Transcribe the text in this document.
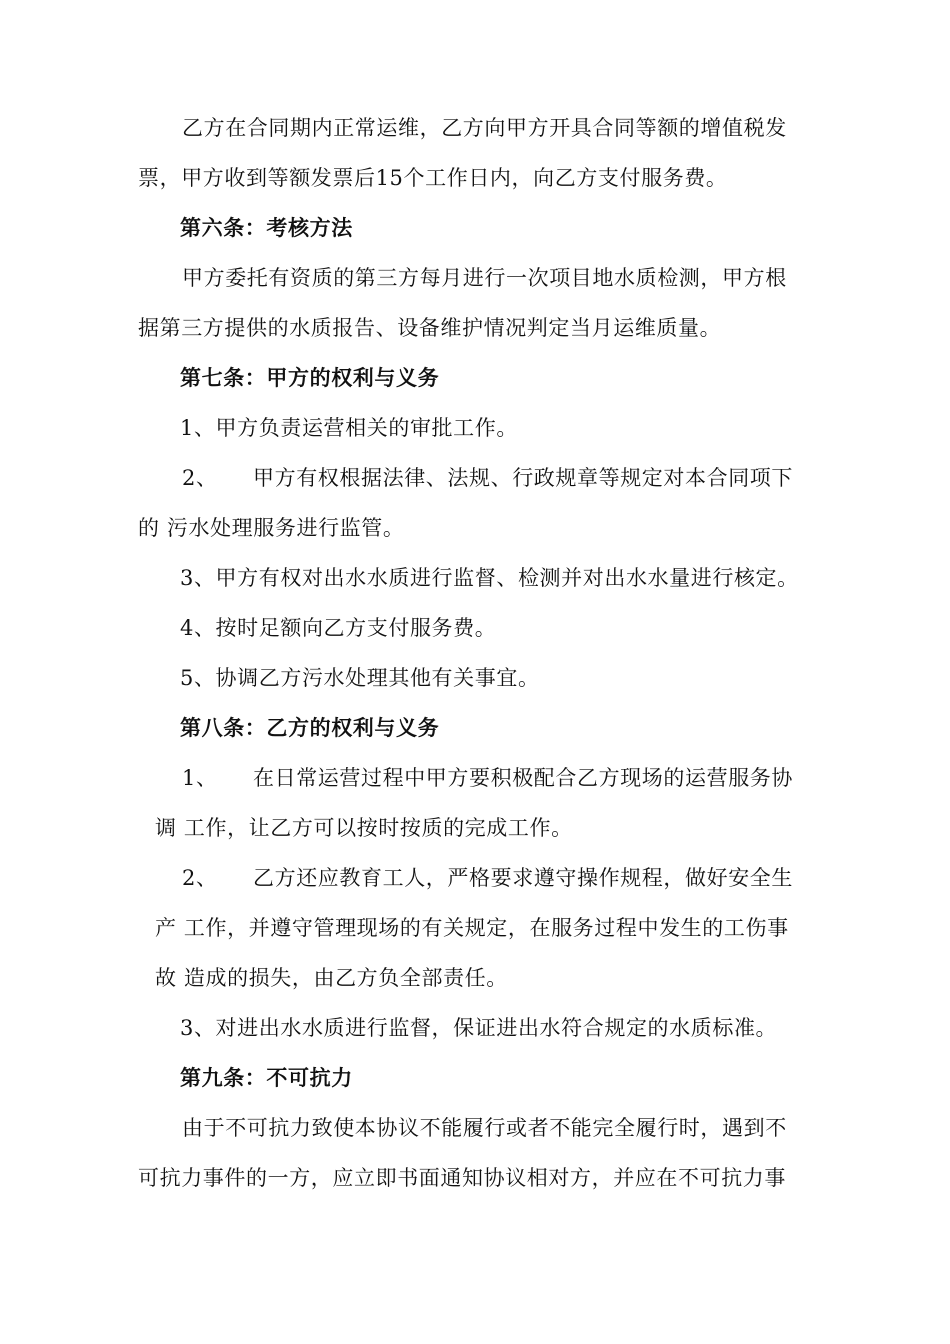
乙方在合同期内正常运维，乙方向甲方开具合同等额的增值税发
票，甲方收到等额发票后15个工作日内，向乙方支付服务费。
第六条：考核方法
甲方委托有资质的第三方每月进行一次项目地水质检测，甲方根
据第三方提供的水质报告、设备维护情况判定当月运维质量。
第七条：甲方的权利与义务
1、甲方负责运营相关的审批工作。
2、 甲方有权根据法律、法规、行政规章等规定对本合同项下
的 污水处理服务进行监管。
3、甲方有权对出水水质进行监督、检测并对出水水量进行核定。
4、按时足额向乙方支付服务费。
5、协调乙方污水处理其他有关事宜。
第八条：乙方的权利与义务
1、 在日常运营过程中甲方要积极配合乙方现场的运营服务协
调 工作，让乙方可以按时按质的完成工作。
2、 乙方还应教育工人，严格要求遵守操作规程，做好安全生
产 工作，并遵守管理现场的有关规定，在服务过程中发生的工伤事
故 造成的损失，由乙方负全部责任。
3、对进出水水质进行监督，保证进出水符合规定的水质标准。
第九条：不可抗力
由于不可抗力致使本协议不能履行或者不能完全履行时，遇到不
可抗力事件的一方，应立即书面通知协议相对方，并应在不可抗力事
